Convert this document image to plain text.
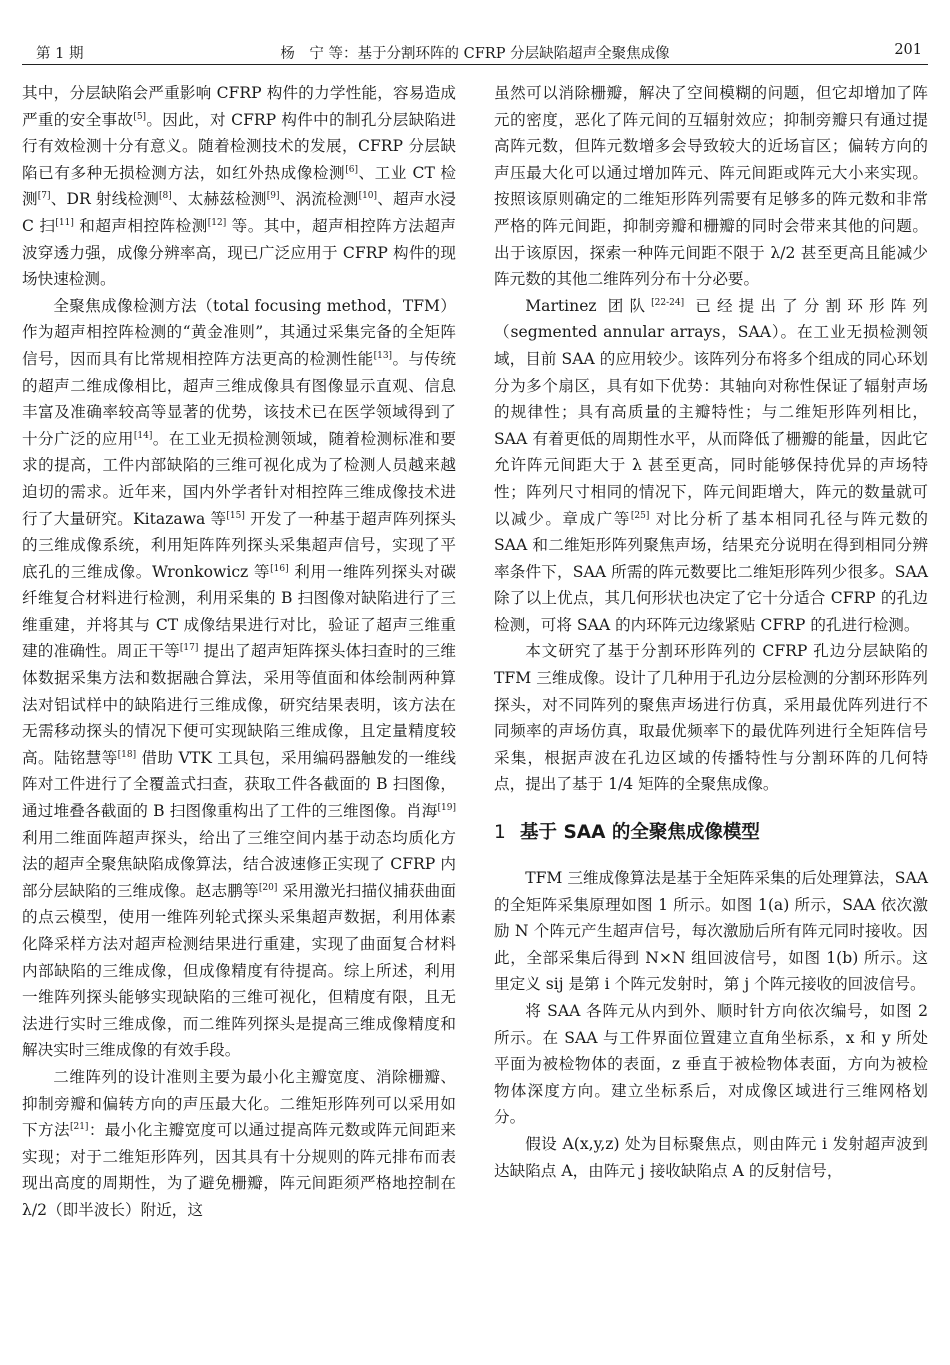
第 1 期	杨　宁 等：基于分割环阵的 CFRP 分层缺陷超声全聚焦成像	201

其中，分层缺陷会严重影响 CFRP 构件的力学性能，容易造成严重的安全事故[5]。因此，对 CFRP 构件中的制孔分层缺陷进行有效检测十分有意义。随着检测技术的发展，CFRP 分层缺陷已有多种无损检测方法，如红外热成像检测[6]、工业 CT 检测[7]、DR 射线检测[8]、太赫兹检测[9]、涡流检测[10]、超声水浸 C 扫[11] 和超声相控阵检测[12] 等。其中，超声相控阵方法超声波穿透力强，成像分辨率高，现已广泛应用于 CFRP 构件的现场快速检测。

全聚焦成像检测方法（total focusing method，TFM）作为超声相控阵检测的“黄金准则”，其通过采集完备的全矩阵信号，因而具有比常规相控阵方法更高的检测性能[13]。与传统的超声二维成像相比，超声三维成像具有图像显示直观、信息丰富及准确率较高等显著的优势，该技术已在医学领域得到了十分广泛的应用[14]。在工业无损检测领域，随着检测标准和要求的提高，工件内部缺陷的三维可视化成为了检测人员越来越迫切的需求。近年来，国内外学者针对相控阵三维成像技术进行了大量研究。Kitazawa 等[15] 开发了一种基于超声阵列探头的三维成像系统，利用矩阵阵列探头采集超声信号，实现了平底孔的三维成像。Wronkowicz 等[16] 利用一维阵列探头对碳纤维复合材料进行检测，利用采集的 B 扫图像对缺陷进行了三维重建，并将其与 CT 成像结果进行对比，验证了超声三维重建的准确性。周正干等[17] 提出了超声矩阵探头体扫查时的三维体数据采集方法和数据融合算法，采用等值面和体绘制两种算法对铝试样中的缺陷进行三维成像，研究结果表明，该方法在无需移动探头的情况下便可实现缺陷三维成像，且定量精度较高。陆铭慧等[18] 借助 VTK 工具包，采用编码器触发的一维线阵对工件进行了全覆盖式扫查，获取工件各截面的 B 扫图像，通过堆叠各截面的 B 扫图像重构出了工件的三维图像。肖海[19] 利用二维面阵超声探头，给出了三维空间内基于动态均质化方法的超声全聚焦缺陷成像算法，结合波速修正实现了 CFRP 内部分层缺陷的三维成像。赵志鹏等[20] 采用激光扫描仪捕获曲面的点云模型，使用一维阵列轮式探头采集超声数据，利用体素化降采样方法对超声检测结果进行重建，实现了曲面复合材料内部缺陷的三维成像，但成像精度有待提高。综上所述，利用一维阵列探头能够实现缺陷的三维可视化，但精度有限，且无法进行实时三维成像，而二维阵列探头是提高三维成像精度和解决实时三维成像的有效手段。

二维阵列的设计准则主要为最小化主瓣宽度、消除栅瓣、抑制旁瓣和偏转方向的声压最大化。二维矩形阵列可以采用如下方法[21]：最小化主瓣宽度可以通过提高阵元数或阵元间距来实现；对于二维矩形阵列，因其具有十分规则的阵元排布而表现出高度的周期性，为了避免栅瓣，阵元间距须严格地控制在 λ/2（即半波长）附近，这

虽然可以消除栅瓣，解决了空间模糊的问题，但它却增加了阵元的密度，恶化了阵元间的互辐射效应；抑制旁瓣只有通过提高阵元数，但阵元数增多会导致较大的近场盲区；偏转方向的声压最大化可以通过增加阵元、阵元间距或阵元大小来实现。按照该原则确定的二维矩形阵列需要有足够多的阵元数和非常严格的阵元间距，抑制旁瓣和栅瓣的同时会带来其他的问题。出于该原因，探索一种阵元间距不限于 λ/2 甚至更高且能减少阵元数的其他二维阵列分布十分必要。

Martinez 团队[22-24] 已经提出了分割环形阵列（segmented annular arrays，SAA）。在工业无损检测领域，目前 SAA 的应用较少。该阵列分布将多个组成的同心环划分为多个扇区，具有如下优势：其轴向对称性保证了辐射声场的规律性；具有高质量的主瓣特性；与二维矩形阵列相比，SAA 有着更低的周期性水平，从而降低了栅瓣的能量，因此它允许阵元间距大于 λ 甚至更高，同时能够保持优异的声场特性；阵列尺寸相同的情况下，阵元间距增大，阵元的数量就可以减少。章成广等[25] 对比分析了基本相同孔径与阵元数的 SAA 和二维矩形阵列聚焦声场，结果充分说明在得到相同分辨率条件下，SAA 所需的阵元数要比二维矩形阵列少很多。SAA 除了以上优点，其几何形状也决定了它十分适合 CFRP 的孔边检测，可将 SAA 的内环阵元边缘紧贴 CFRP 的孔进行检测。

本文研究了基于分割环形阵列的 CFRP 孔边分层缺陷的 TFM 三维成像。设计了几种用于孔边分层检测的分割环形阵列探头，对不同阵列的聚焦声场进行仿真，采用最优阵列进行不同频率的声场仿真，取最优频率下的最优阵列进行全矩阵信号采集，根据声波在孔边区域的传播特性与分割环阵的几何特点，提出了基于 1/4 矩阵的全聚焦成像。

1 基于 SAA 的全聚焦成像模型

TFM 三维成像算法是基于全矩阵采集的后处理算法，SAA 的全矩阵采集原理如图 1 所示。如图 1(a) 所示，SAA 依次激励 N 个阵元产生超声信号，每次激励后所有阵元同时接收。因此，全部采集后得到 N×N 组回波信号，如图 1(b) 所示。这里定义 sij 是第 i 个阵元发射时，第 j 个阵元接收的回波信号。

将 SAA 各阵元从内到外、顺时针方向依次编号，如图 2 所示。在 SAA 与工件界面位置建立直角坐标系，x 和 y 所处平面为被检物体的表面，z 垂直于被检物体表面，方向为被检物体深度方向。建立坐标系后，对成像区域进行三维网格划分。

假设 A(x,y,z) 处为目标聚焦点，则由阵元 i 发射超声波到达缺陷点 A，由阵元 j 接收缺陷点 A 的反射信号，
